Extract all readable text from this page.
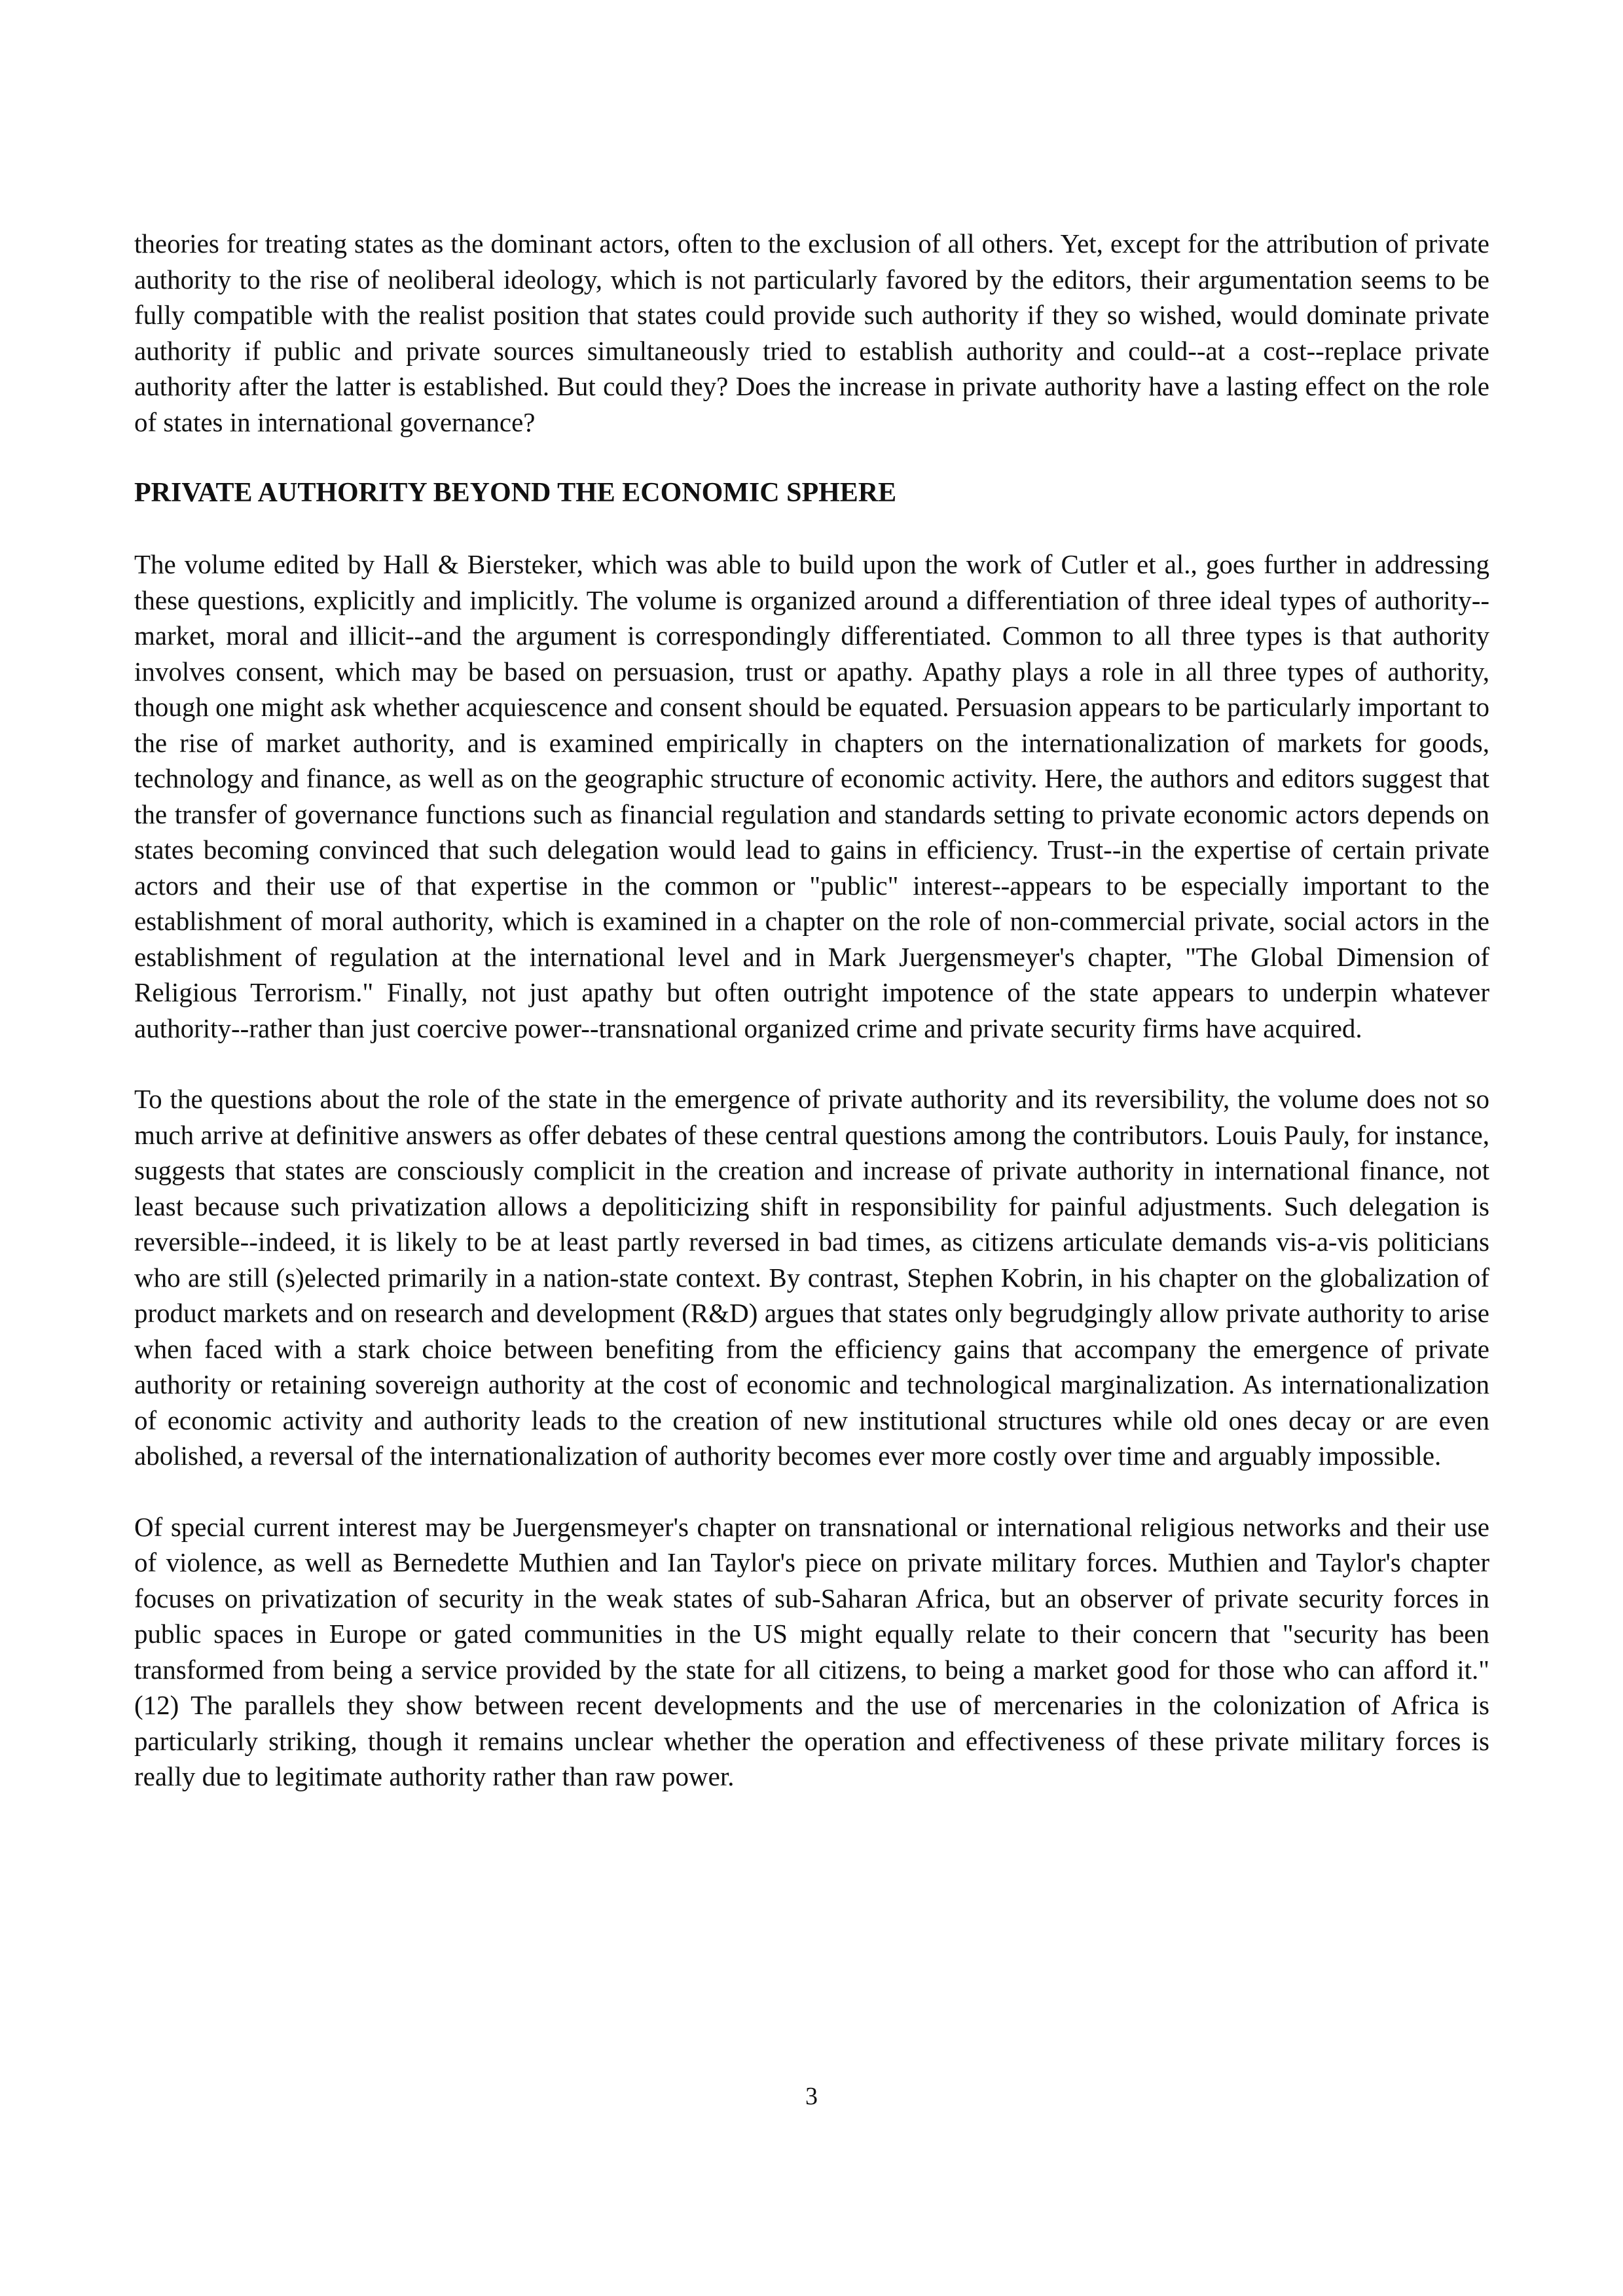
theories for treating states as the dominant actors, often to the exclusion of all others. Yet, except for the attribution of private authority to the rise of neoliberal ideology, which is not particularly favored by the editors, their argumentation seems to be fully compatible with the realist position that states could provide such authority if they so wished, would dominate private authority if public and private sources simultaneously tried to establish authority and could--at a cost--replace private authority after the latter is established. But could they? Does the increase in private authority have a lasting effect on the role of states in international governance?

PRIVATE AUTHORITY BEYOND THE ECONOMIC SPHERE

The volume edited by Hall & Biersteker, which was able to build upon the work of Cutler et al., goes further in addressing these questions, explicitly and implicitly. The volume is organized around a differentiation of three ideal types of authority--market, moral and illicit--and the argument is correspondingly differentiated. Common to all three types is that authority involves consent, which may be based on persuasion, trust or apathy. Apathy plays a role in all three types of authority, though one might ask whether acquiescence and consent should be equated. Persuasion appears to be particularly important to the rise of market authority, and is examined empirically in chapters on the internationalization of markets for goods, technology and finance, as well as on the geographic structure of economic activity. Here, the authors and editors suggest that the transfer of governance functions such as financial regulation and standards setting to private economic actors depends on states becoming convinced that such delegation would lead to gains in efficiency. Trust--in the expertise of certain private actors and their use of that expertise in the common or "public" interest--appears to be especially important to the establishment of moral authority, which is examined in a chapter on the role of non-commercial private, social actors in the establishment of regulation at the international level and in Mark Juergensmeyer's chapter, "The Global Dimension of Religious Terrorism." Finally, not just apathy but often outright impotence of the state appears to underpin whatever authority--rather than just coercive power--transnational organized crime and private security firms have acquired.

To the questions about the role of the state in the emergence of private authority and its reversibility, the volume does not so much arrive at definitive answers as offer debates of these central questions among the contributors. Louis Pauly, for instance, suggests that states are consciously complicit in the creation and increase of private authority in international finance, not least because such privatization allows a depoliticizing shift in responsibility for painful adjustments. Such delegation is reversible--indeed, it is likely to be at least partly reversed in bad times, as citizens articulate demands vis-a-vis politicians who are still (s)elected primarily in a nation-state context. By contrast, Stephen Kobrin, in his chapter on the globalization of product markets and on research and development (R&D) argues that states only begrudgingly allow private authority to arise when faced with a stark choice between benefiting from the efficiency gains that accompany the emergence of private authority or retaining sovereign authority at the cost of economic and technological marginalization. As internationalization of economic activity and authority leads to the creation of new institutional structures while old ones decay or are even abolished, a reversal of the internationalization of authority becomes ever more costly over time and arguably impossible.

Of special current interest may be Juergensmeyer's chapter on transnational or international religious networks and their use of violence, as well as Bernedette Muthien and Ian Taylor's piece on private military forces. Muthien and Taylor's chapter focuses on privatization of security in the weak states of sub-Saharan Africa, but an observer of private security forces in public spaces in Europe or gated communities in the US might equally relate to their concern that "security has been transformed from being a service provided by the state for all citizens, to being a market good for those who can afford it." (12) The parallels they show between recent developments and the use of mercenaries in the colonization of Africa is particularly striking, though it remains unclear whether the operation and effectiveness of these private military forces is really due to legitimate authority rather than raw power.

3
